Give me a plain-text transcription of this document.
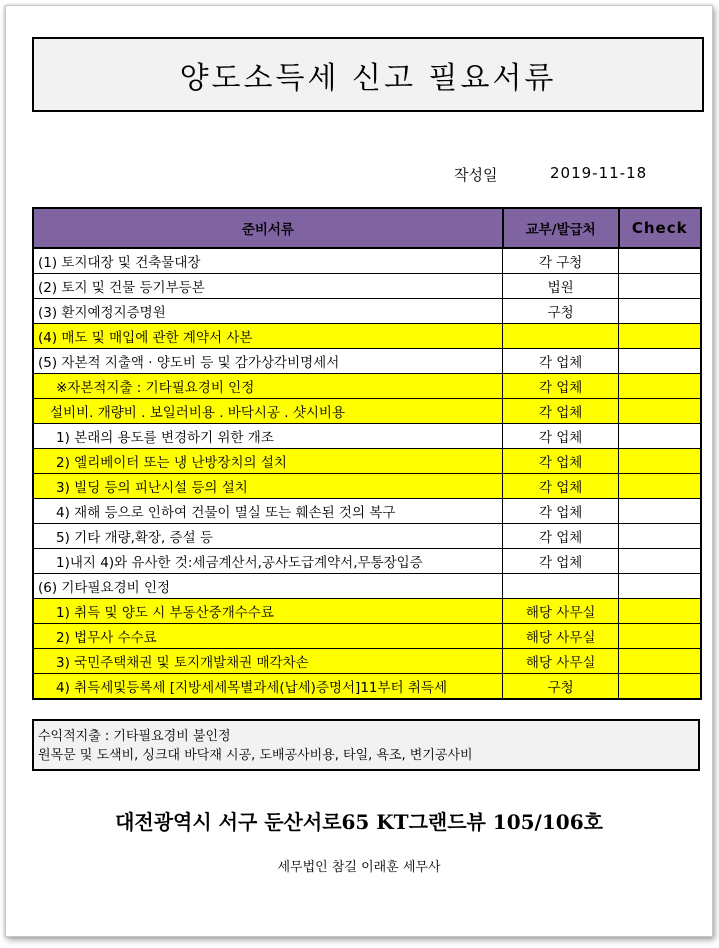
양도소득세 신고 필요서류
작성일	2019-11-18
준비서류	교부/발급처	Check
(1) 토지대장 및 건축물대장	각 구청	
(2) 토지 및 건물 등기부등본	법원	
(3) 환지예정지증명원	구청	
(4) 매도 및 매입에 관한 계약서 사본		
(5) 자본적 지출액 · 양도비 등 및 감가상각비명세서	각 업체	
※자본적지출 : 기타필요경비 인정	각 업체	
설비비. 개량비 . 보일러비용 . 바닥시공 . 샷시비용	각 업체	
1) 본래의 용도를 변경하기 위한 개조	각 업체	
2) 엘리베이터 또는 냉 난방장치의 설치	각 업체	
3) 빌딩 등의 피난시설 등의 설치	각 업체	
4) 재해 등으로 인하여 건물이 멸실 또는 훼손된 것의 복구	각 업체	
5) 기타 개량,확장, 증설 등	각 업체	
1)내지 4)와 유사한 것:세금계산서,공사도급계약서,무통장입증	각 업체	
(6) 기타필요경비 인정		
1) 취득 및 양도 시 부동산중개수수료	해당 사무실	
2) 법무사 수수료	해당 사무실	
3) 국민주택채권 및 토지개발채권 매각차손	해당 사무실	
4) 취득세및등록세 [지방세세목별과세(납세)증명서]11부터 취득세	구청	
수익적지출 : 기타필요경비 불인정
원목문 및 도색비, 싱크대 바닥재 시공, 도배공사비용, 타일, 욕조, 변기공사비
대전광역시 서구 둔산서로65 KT그랜드뷰 105/106호
세무법인 참길 이래훈 세무사
